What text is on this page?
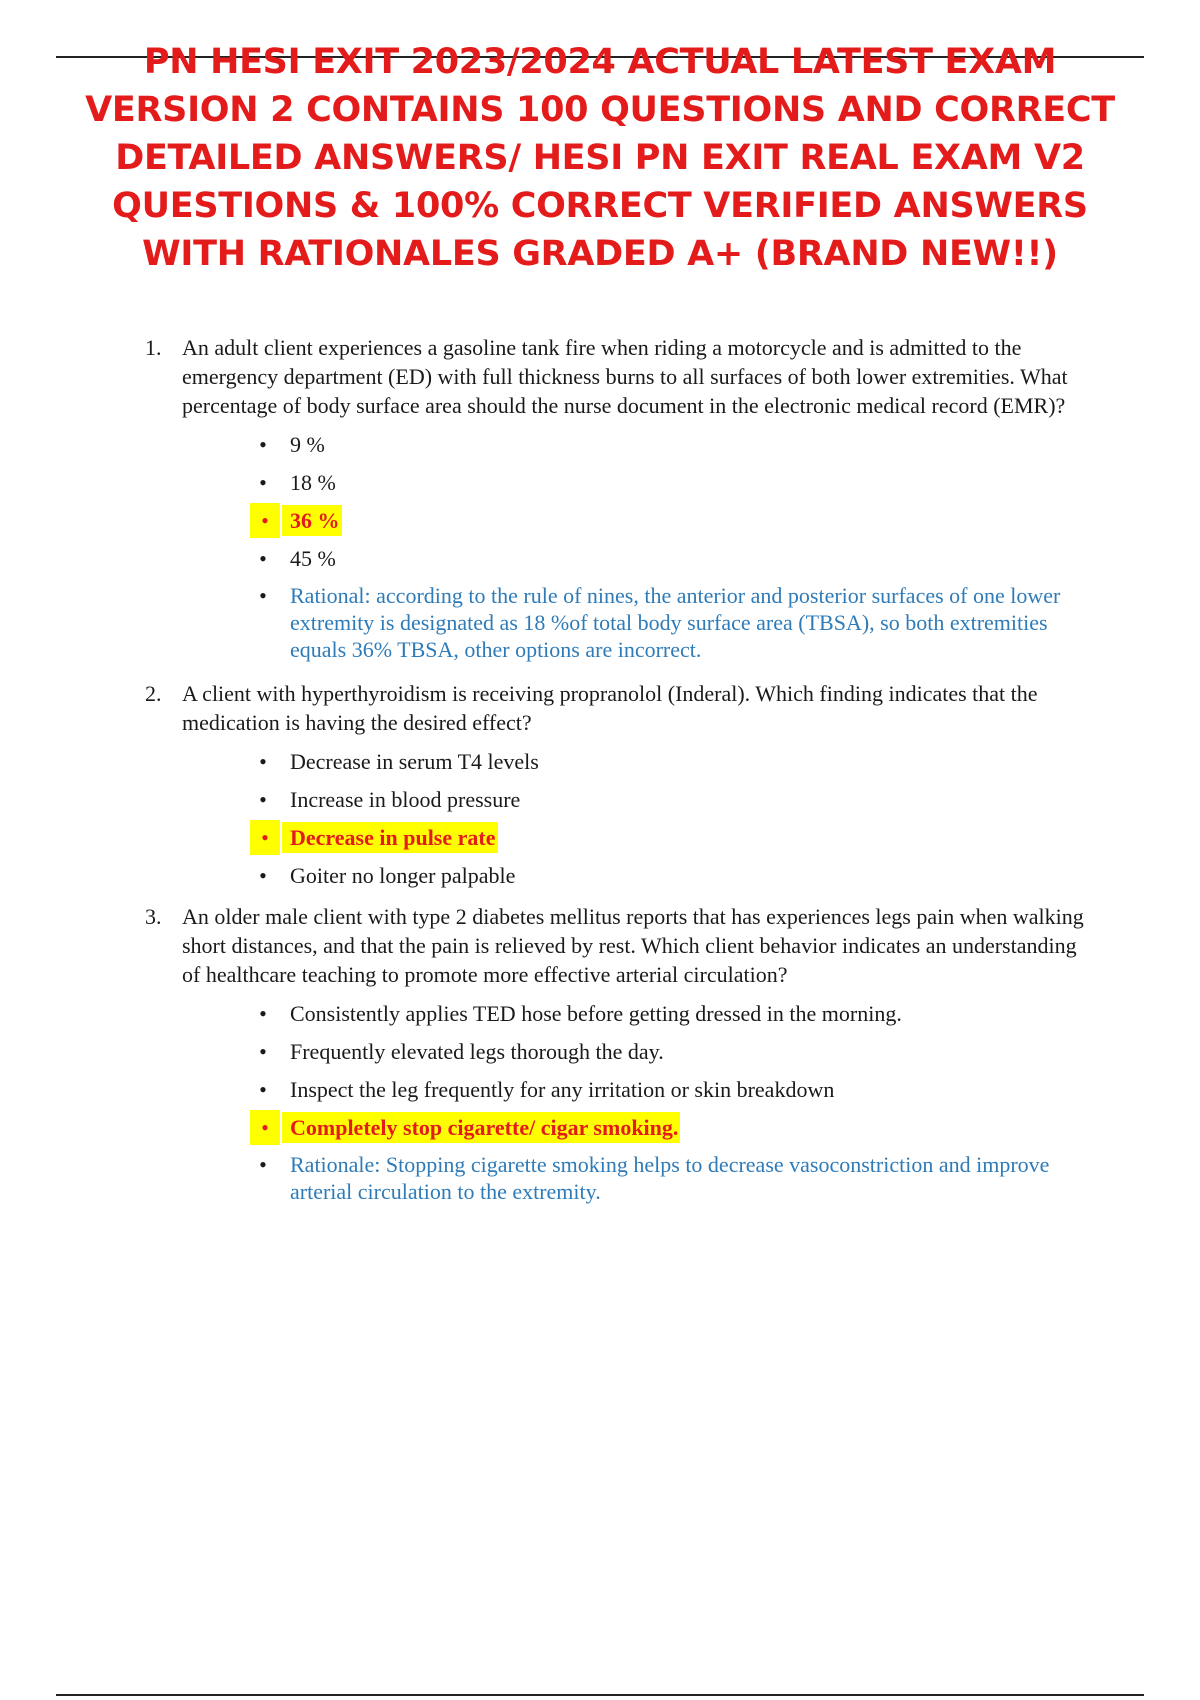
PN HESI EXIT 2023/2024 ACTUAL LATEST EXAM
VERSION 2 CONTAINS 100 QUESTIONS AND CORRECT
DETAILED ANSWERS/ HESI PN EXIT REAL EXAM V2
QUESTIONS & 100% CORRECT VERIFIED ANSWERS
WITH RATIONALES GRADED A+ (BRAND NEW!!)
1. An adult client experiences a gasoline tank fire when riding a motorcycle and is admitted to the emergency department (ED) with full thickness burns to all surfaces of both lower extremities. What percentage of body surface area should the nurse document in the electronic medical record (EMR)?
• 9 %
• 18 %
• 36 %
• 45 %
• Rational: according to the rule of nines, the anterior and posterior surfaces of one lower extremity is designated as 18 %of total body surface area (TBSA), so both extremities equals 36% TBSA, other options are incorrect.
2. A client with hyperthyroidism is receiving propranolol (Inderal). Which finding indicates that the medication is having the desired effect?
• Decrease in serum T4 levels
• Increase in blood pressure
• Decrease in pulse rate
• Goiter no longer palpable
3. An older male client with type 2 diabetes mellitus reports that has experiences legs pain when walking short distances, and that the pain is relieved by rest. Which client behavior indicates an understanding of healthcare teaching to promote more effective arterial circulation?
• Consistently applies TED hose before getting dressed in the morning.
• Frequently elevated legs thorough the day.
• Inspect the leg frequently for any irritation or skin breakdown
• Completely stop cigarette/ cigar smoking.
• Rationale: Stopping cigarette smoking helps to decrease vasoconstriction and improve arterial circulation to the extremity.
